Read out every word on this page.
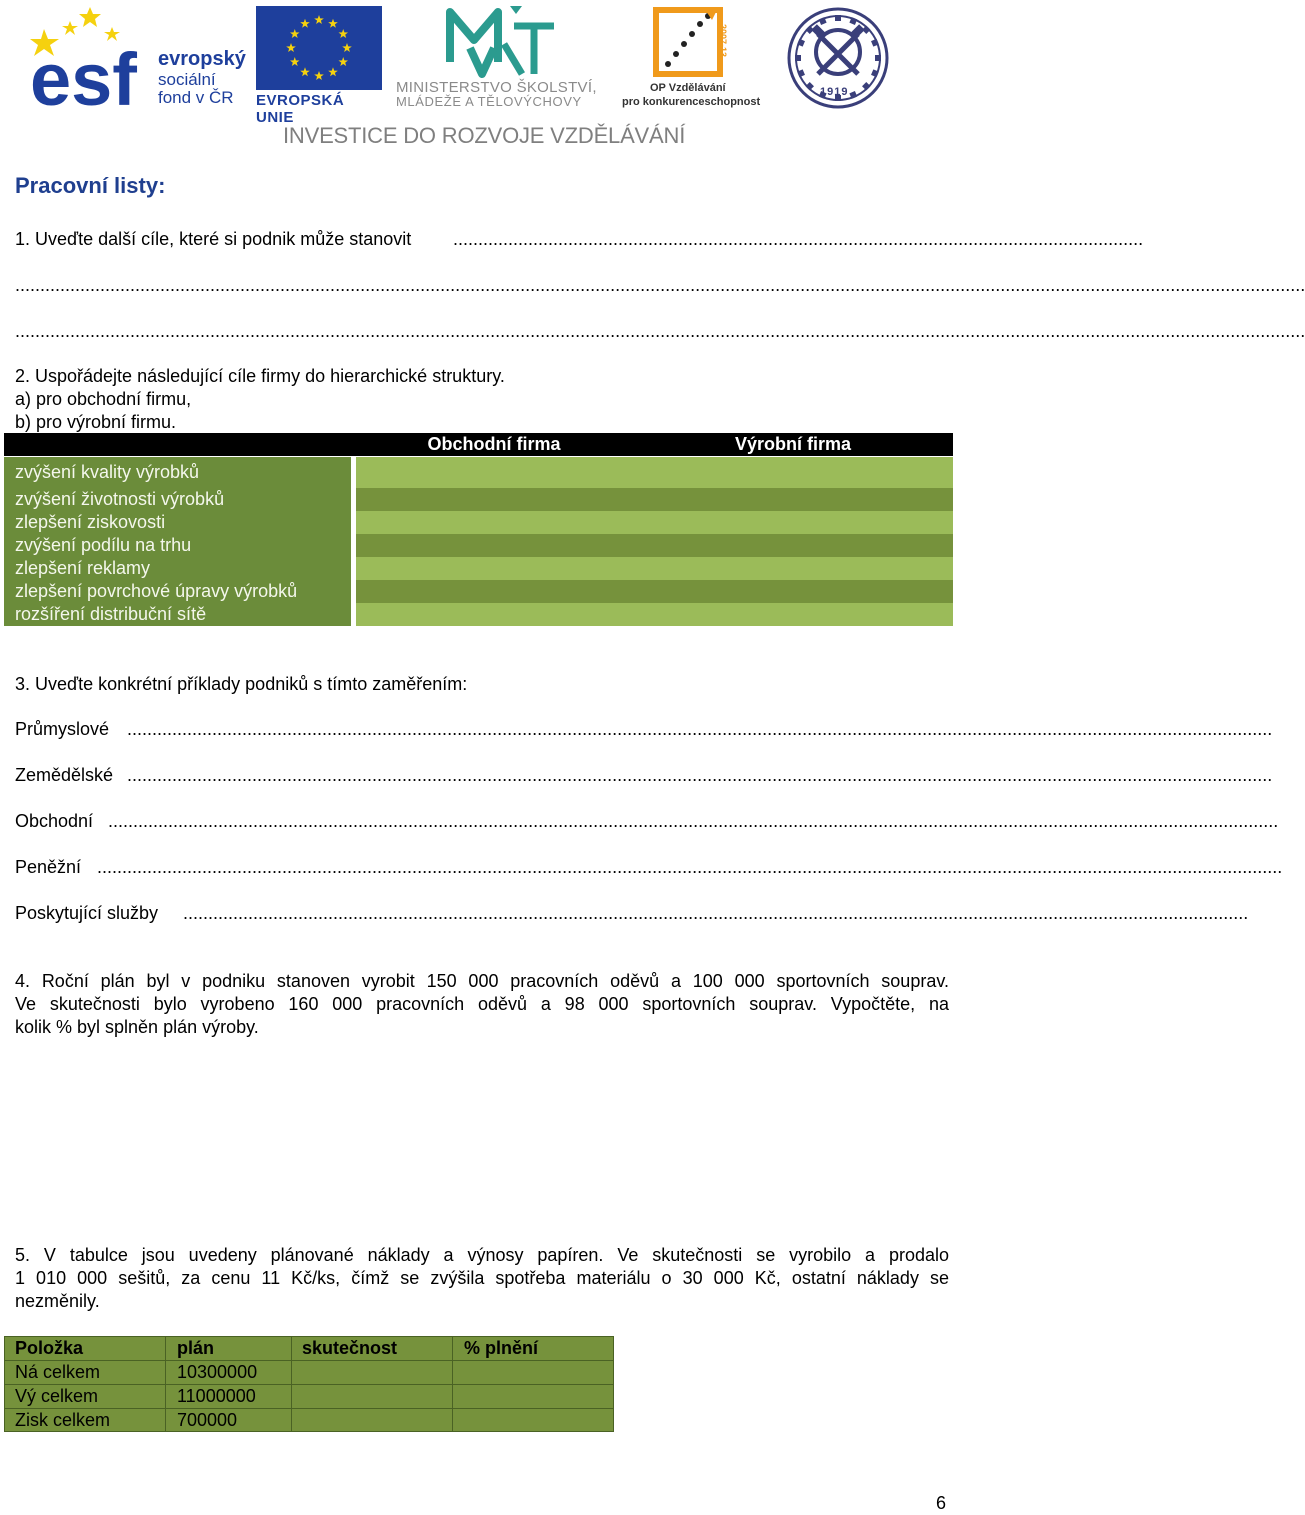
esf evropský
sociální
fond v ČR EVROPSKÁ UNIE
MINISTERSTVO ŠKOLSTVÍ,
MLÁDEŽE A TĚLOVÝCHOVY
2007-13
OP Vzdělávání
pro konkurenceschopnost
1919
INVESTICE DO ROZVOJE VZDĚLÁVÁNÍ
Pracovní listy:
1. Uveďte další cíle, které si podnik může stanovit ..........................................................................................................................................
..................................................................................................................................................................................................................................................................
..................................................................................................................................................................................................................................................................
2. Uspořádejte následující cíle firmy do hierarchické struktury.
a) pro obchodní firmu,
b) pro výrobní firmu.
Obchodní firma	Výrobní firma
zvýšení kvality výrobků
zvýšení životnosti výrobků
zlepšení ziskovosti
zvýšení podílu na trhu
zlepšení reklamy
zlepšení povrchové úpravy výrobků
rozšíření distribuční sítě
3. Uveďte konkrétní příklady podniků s tímto zaměřením:
Průmyslové .....................................................................................................................................................................................................................................
Zemědělské .....................................................................................................................................................................................................................................
Obchodní ..........................................................................................................................................................................................................................................
Peněžní .............................................................................................................................................................................................................................................
Poskytující služby .....................................................................................................................................................................................................................
4. Roční plán byl v podniku stanoven vyrobit 150 000 pracovních oděvů a 100 000 sportovních souprav.
Ve skutečnosti bylo vyrobeno 160 000 pracovních oděvů a 98 000 sportovních souprav. Vypočtěte, na
kolik % byl splněn plán výroby.
5. V tabulce jsou uvedeny plánované náklady a výnosy papíren. Ve skutečnosti se vyrobilo a prodalo
1 010 000 sešitů, za cenu 11 Kč/ks, čímž se zvýšila spotřeba materiálu o 30 000 Kč, ostatní náklady se
nezměnily.
Položka	plán	skutečnost	% plnění
Ná celkem	10300000
Vý celkem	11000000
Zisk celkem	700000
6
